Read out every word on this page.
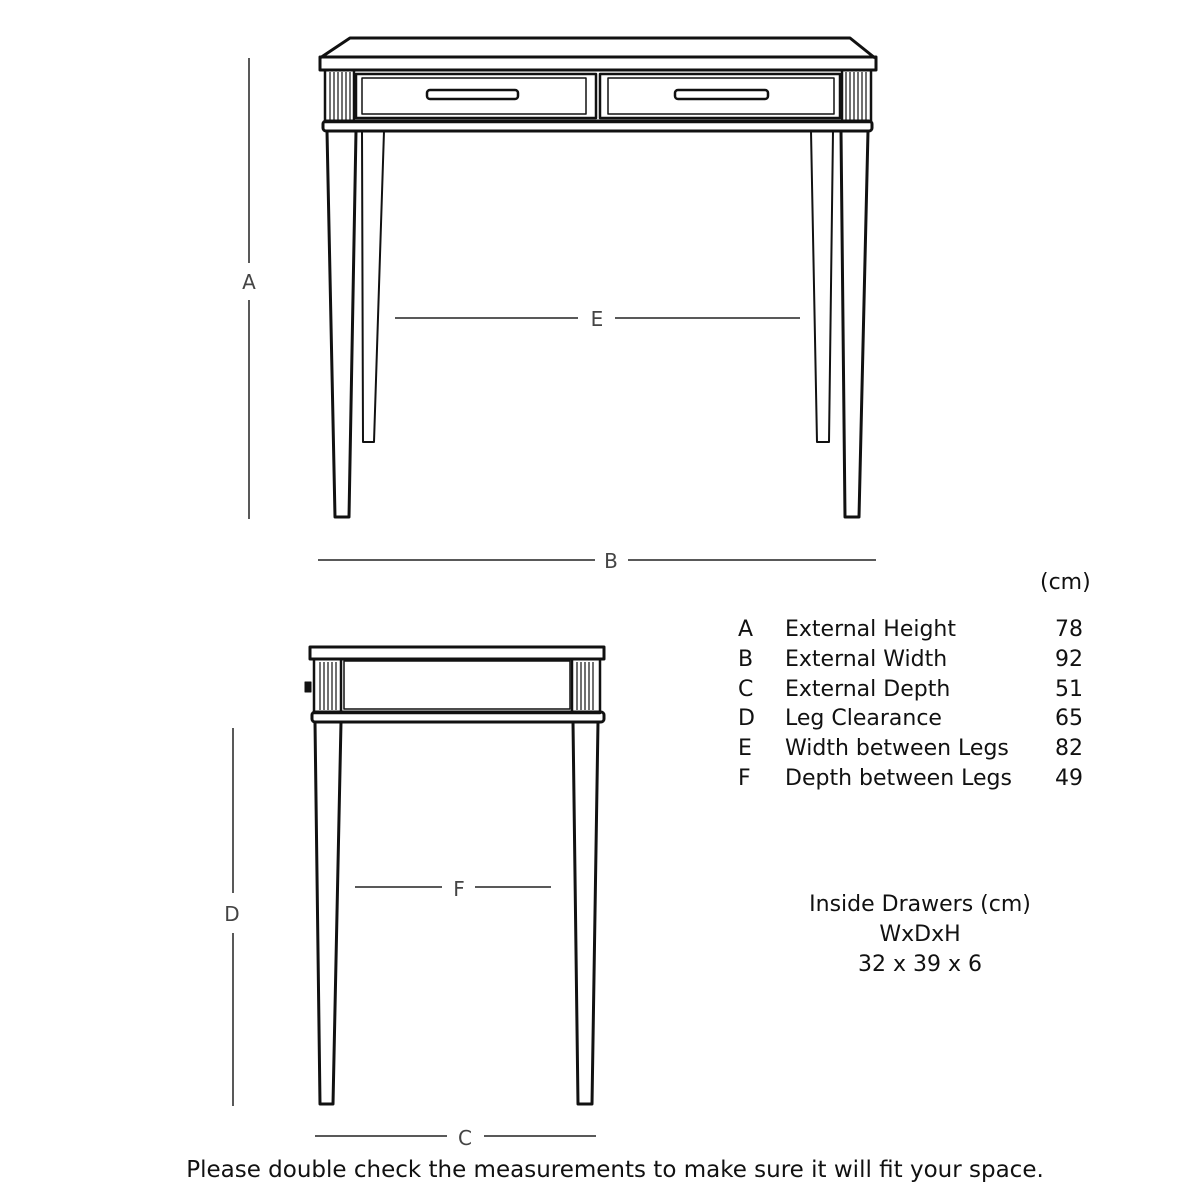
A
E
B
D
F
C
(cm)
A External Height	78
B External Width	92
C External Depth	51
D Leg Clearance	65
E Width between Legs 82
F Depth between Legs 49
Inside Drawers (cm)
WxDxH
32 x 39 x 6
Please double check the measurements to make sure it will fit your space.
